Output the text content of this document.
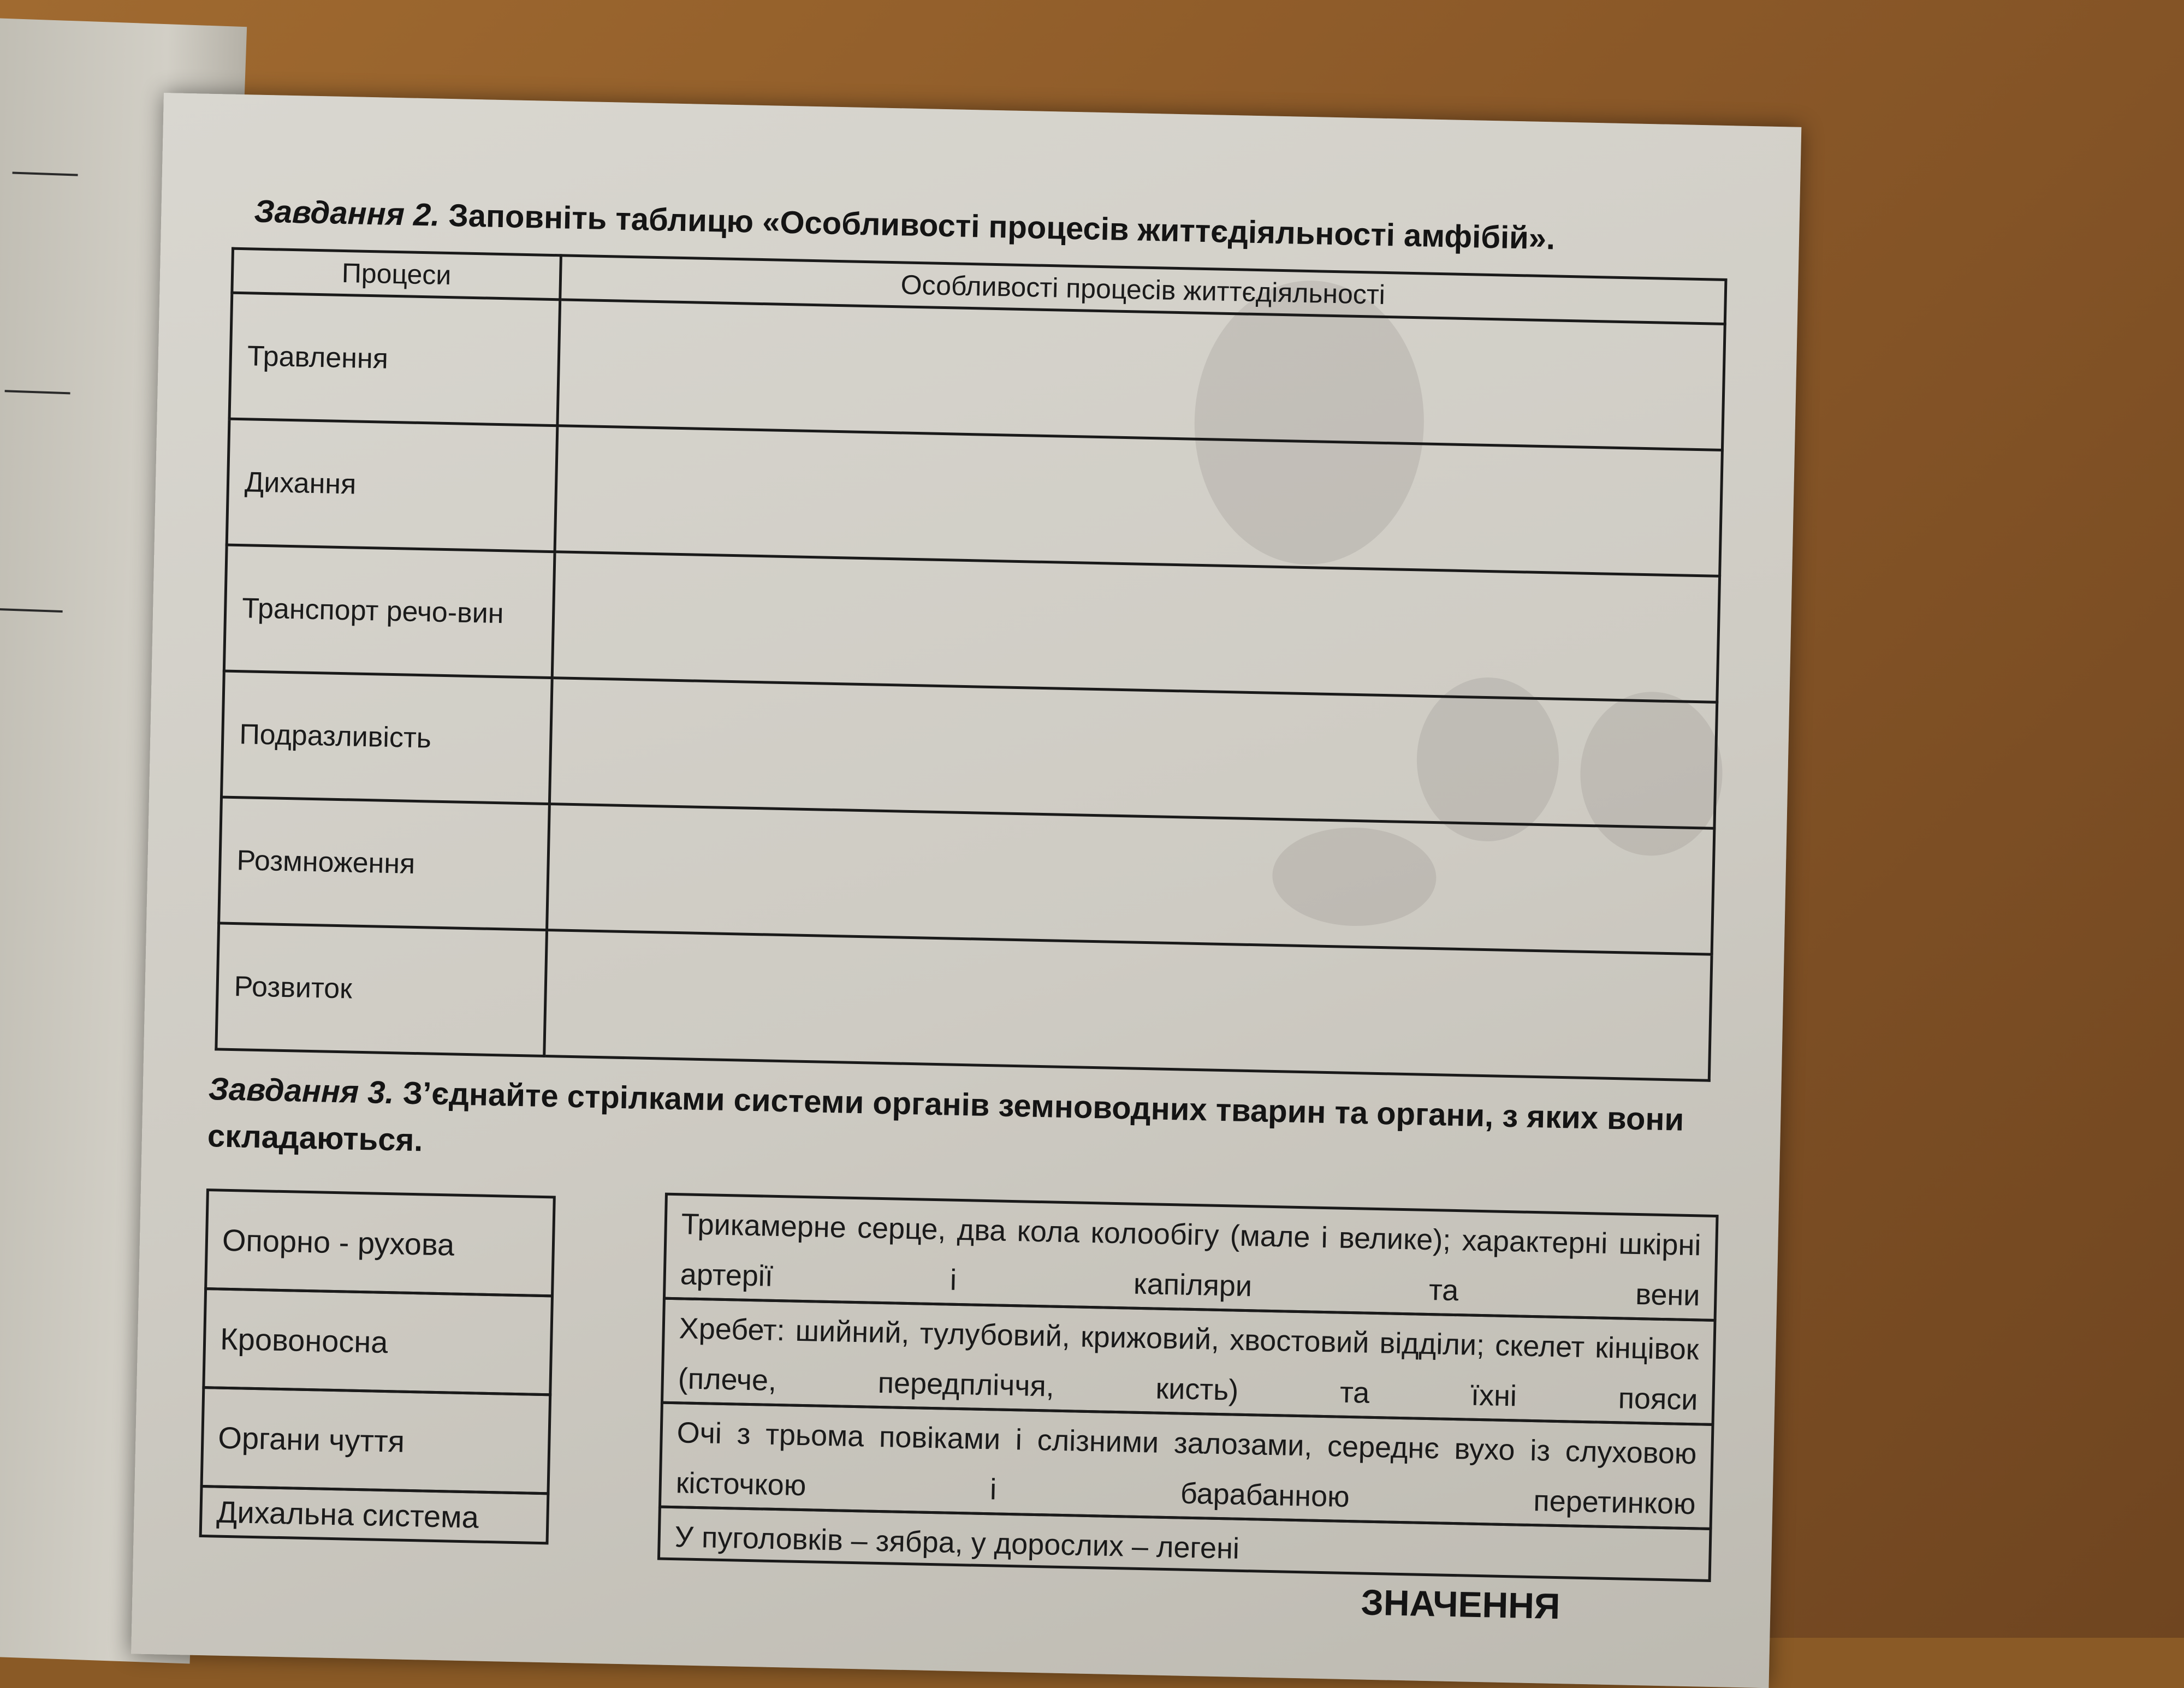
Завдання 2. Заповніть таблицю «Особливості процесів життєдіяльності амфібій».
Процеси	Особливості процесів життєдіяльності
Травлення	
Дихання	
Транспорт речо-вин	
Подразливість	
Розмноження	
Розвиток	
Завдання 3. З’єднайте стрілками системи органів земноводних тварин та органи, з яких вони складаються.
Опорно - рухова
Кровоносна
Органи чуття
Дихальна система
Трикамерне серце, два кола колообігу (мале і велике); характерні шкірні артерії і капіляри та вени
Хребет: шийний, тулубовий, крижовий, хвостовий відділи; скелет кінцівок (плече, передпліччя, кисть) та їхні пояси
Очі з трьома повіками і слізними залозами, середнє вухо із слуховою кісточкою і барабанною перетинкою
У пуголовків – зябра, у дорослих – легені
ЗНАЧЕННЯ
